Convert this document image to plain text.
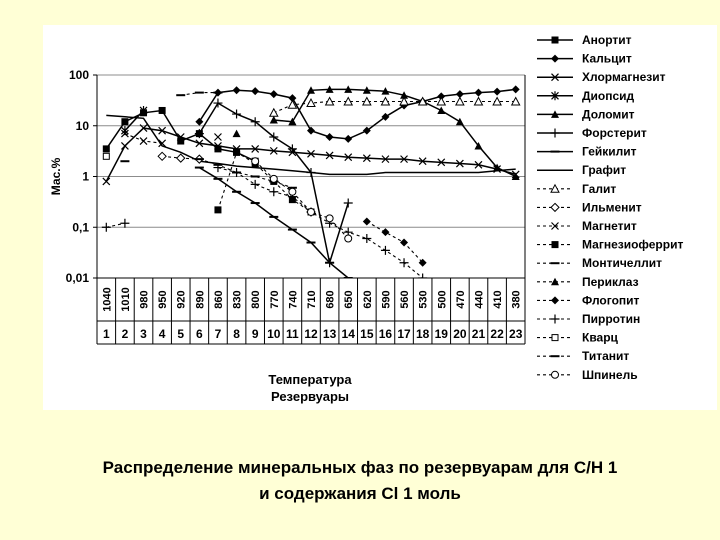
100
10
1
0,1
0,01
1040 1010 980 950 920 890 860 830 800 770 740 710 680 650 620 590 560 530 500 470 440 410 380
1 2 3 4 5 6 7 8 9 10 11 12 13 14 15 16 17 18 19 20 21 22 23
Мас.%
Температура
Резервуары
Анортит
Кальцит
Хлормагнезит
Диопсид
Доломит
Форстерит
Гейкилит
Графит
Галит
Ильменит
Магнетит
Магнезиоферрит
Монтичеллит
Периклаз
Флогопит
Пирротин
Кварц
Титанит
Шпинель
Распределение минеральных фаз по резервуарам для С/Н 1
и содержания Cl 1 моль
